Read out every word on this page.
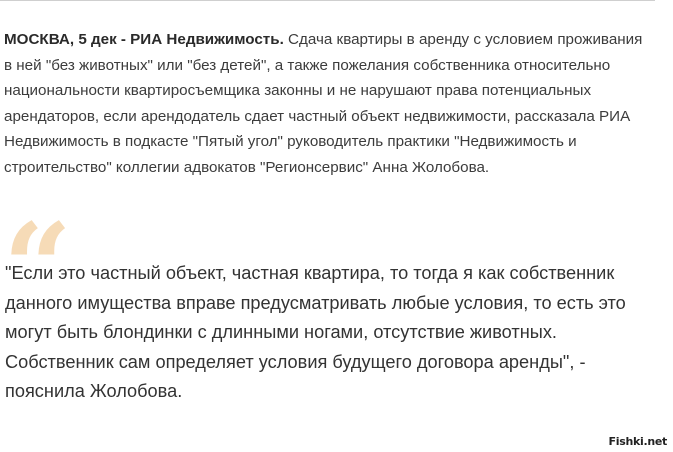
МОСКВА, 5 дек - РИА Недвижимость. Сдача квартиры в аренду с условием проживания в ней "без животных" или "без детей", а также пожелания собственника относительно национальности квартиросъемщика законны и не нарушают права потенциальных арендаторов, если арендодатель сдает частный объект недвижимости, рассказала РИА Недвижимость в подкасте "Пятый угол" руководитель практики "Недвижимость и строительство" коллегии адвокатов "Регионсервис" Анна Жолобова.

“

"Если это частный объект, частная квартира, то тогда я как собственник данного имущества вправе предусматривать любые условия, то есть это могут быть блондинки с длинными ногами, отсутствие животных. Собственник сам определяет условия будущего договора аренды", - пояснила Жолобова.

Fishki.net
